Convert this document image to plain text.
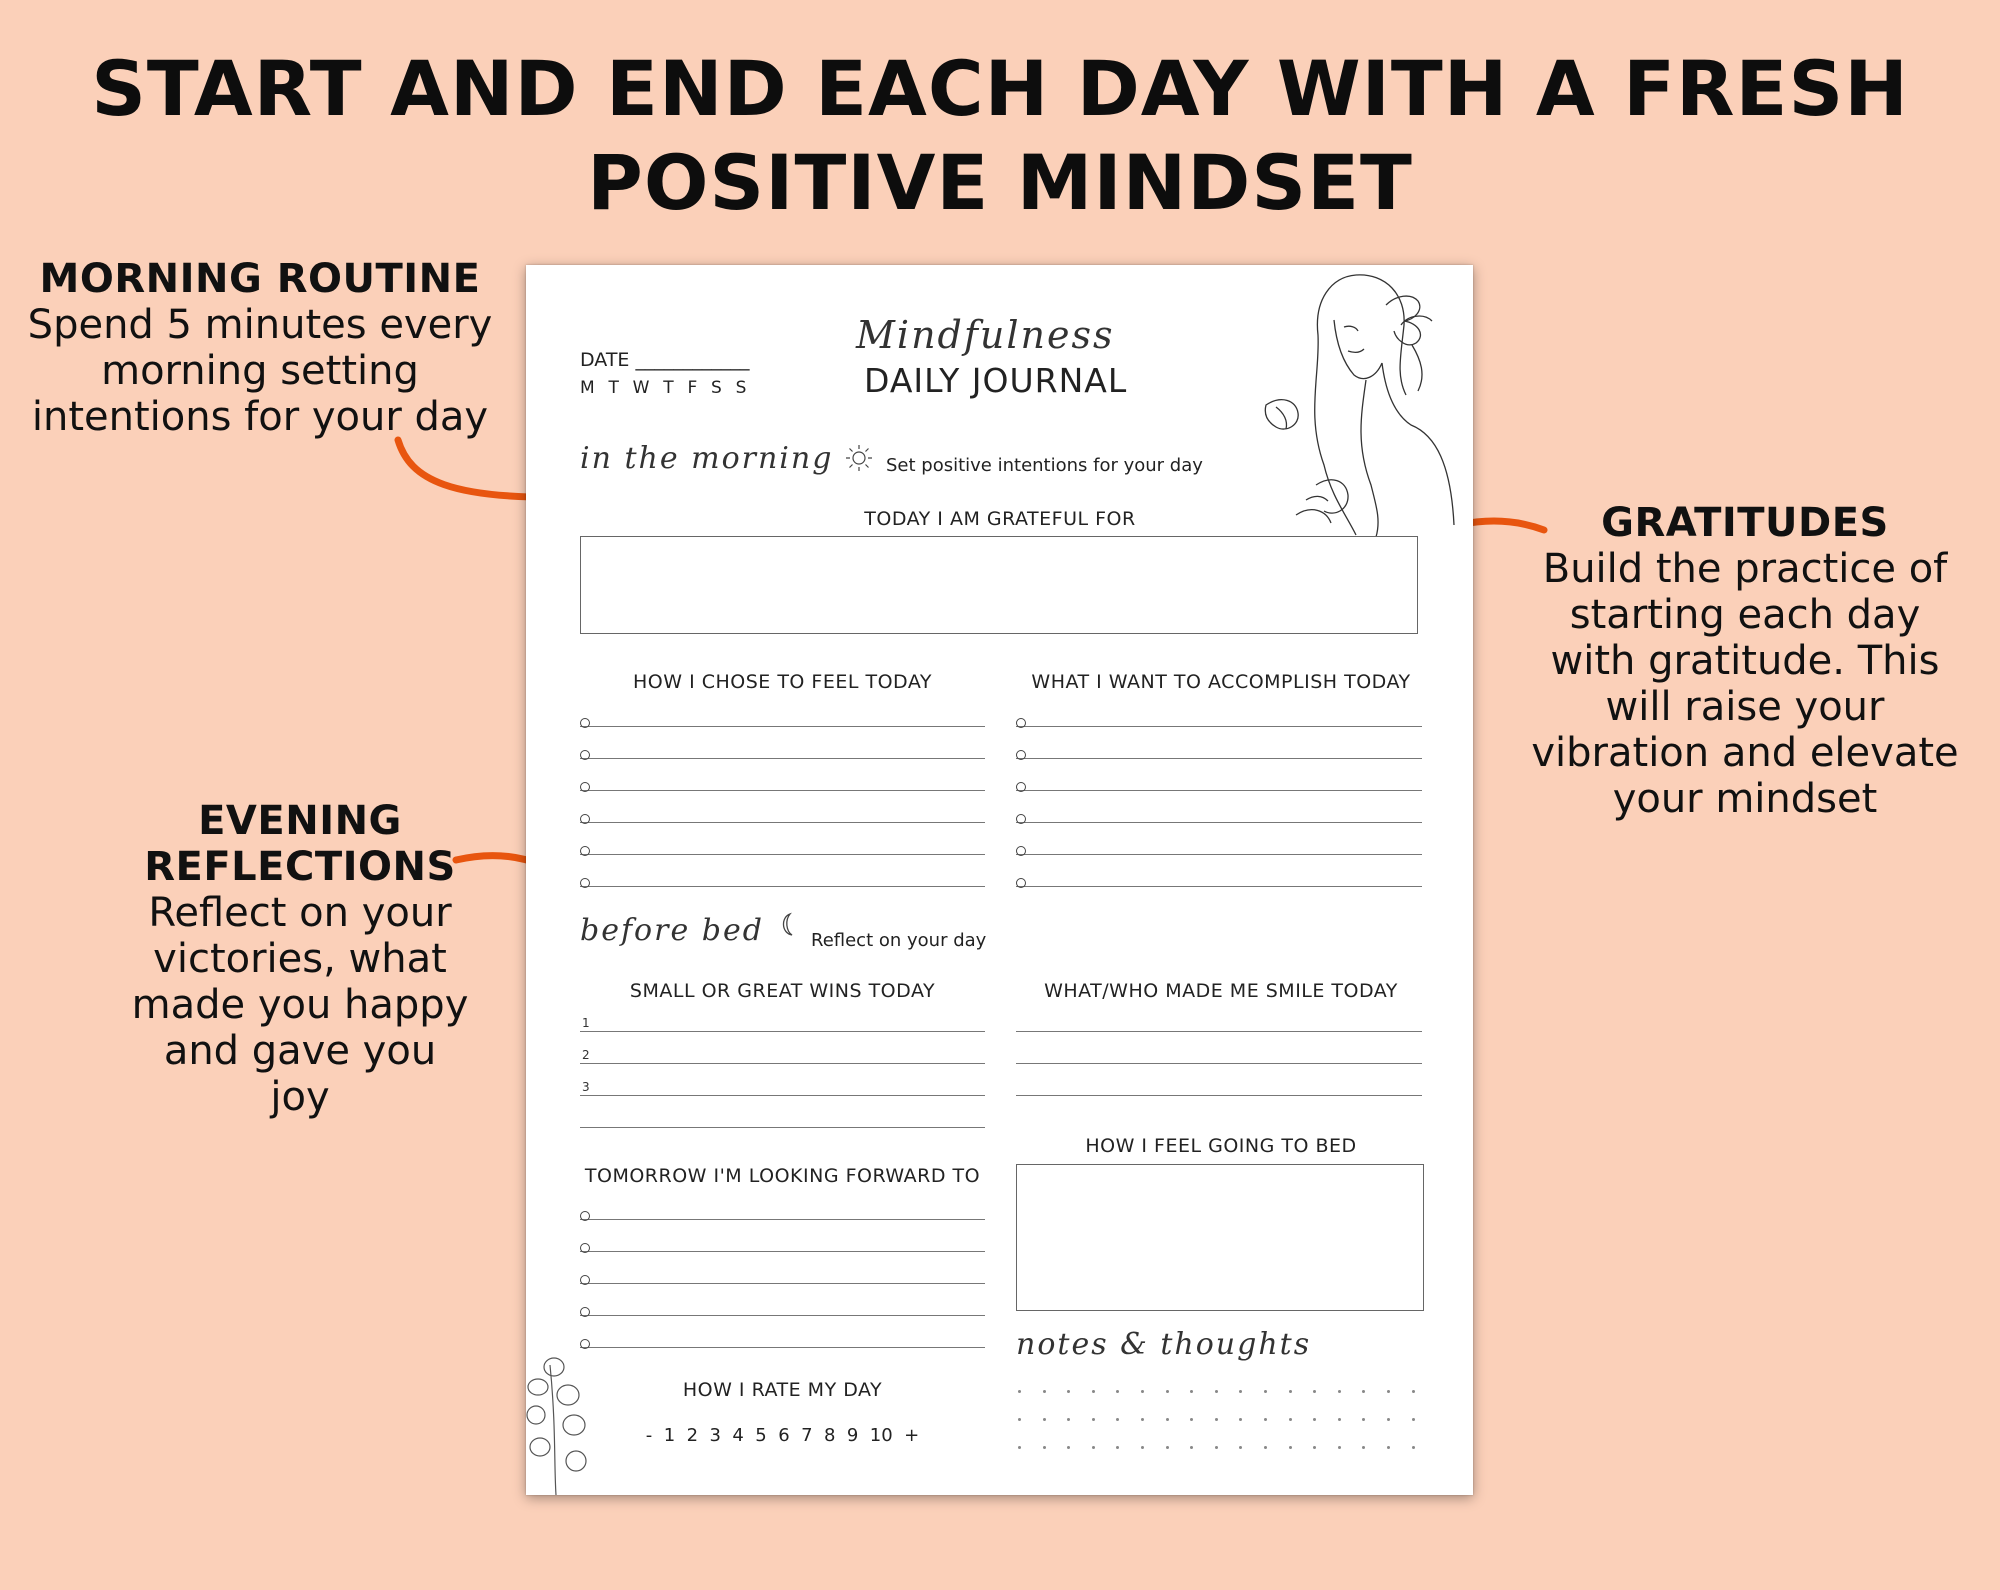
START AND END EACH DAY WITH A FRESH
POSITIVE MINDSET
MORNING ROUTINE
Spend 5 minutes every
morning setting
intentions for your day
EVENING
REFLECTIONS
Reflect on your
victories, what
made you happy
and gave you
joy
GRATITUDES
Build the practice of
starting each day
with gratitude. This
will raise your
vibration and elevate
your mindset
DATE ____________
M  T  W  T  F  S  S
Mindfulness
DAILY JOURNAL
in the morning	Set positive intentions for your day
TODAY I AM GRATEFUL FOR
HOW I CHOSE TO FEEL TODAY	WHAT I WANT TO ACCOMPLISH TODAY
before bed	Reflect on your day
SMALL OR GREAT WINS TODAY	WHAT/WHO MADE ME SMILE TODAY
HOW I FEEL GOING TO BED
TOMORROW I'M LOOKING FORWARD TO
notes & thoughts
HOW I RATE MY DAY
-  1  2  3  4  5  6  7  8  9  10  +
1
2
3
